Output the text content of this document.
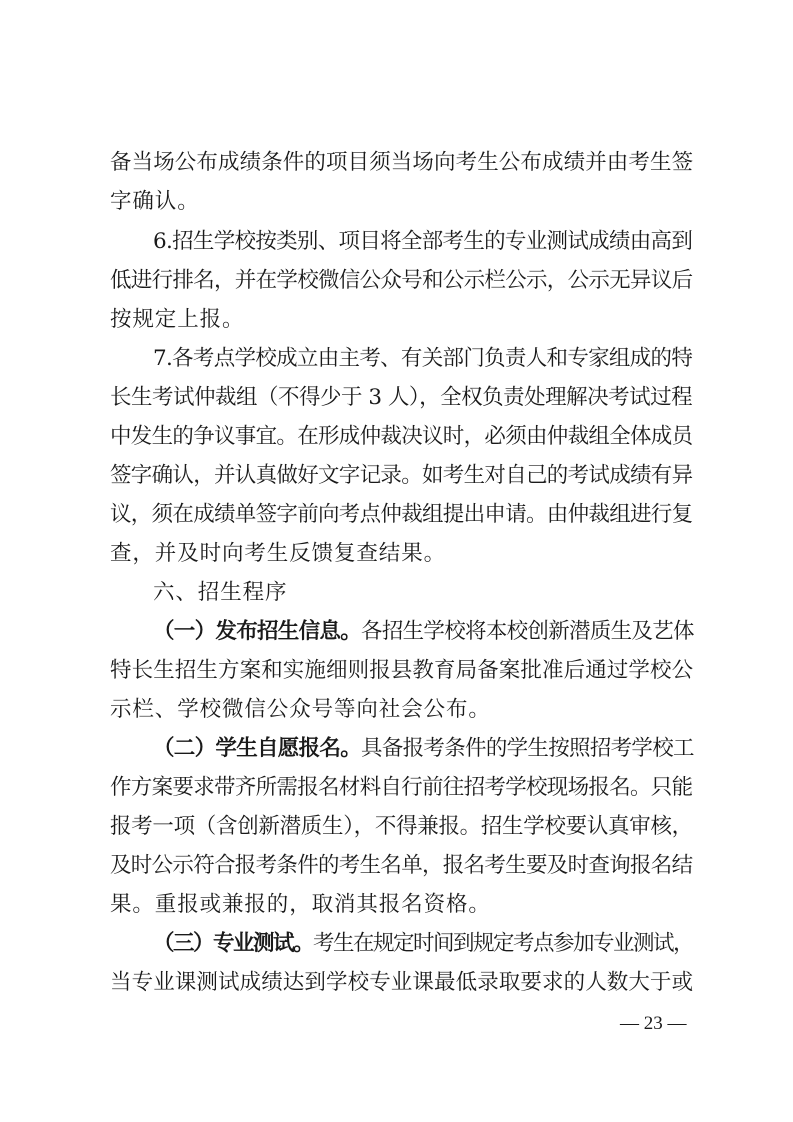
备当场公布成绩条件的项目须当场向考生公布成绩并由考生签
字确认。
6.招生学校按类别、项目将全部考生的专业测试成绩由高到
低进行排名，并在学校微信公众号和公示栏公示，公示无异议后
按规定上报。
7.各考点学校成立由主考、有关部门负责人和专家组成的特
长生考试仲裁组（不得少于 3 人），全权负责处理解决考试过程
中发生的争议事宜。在形成仲裁决议时，必须由仲裁组全体成员
签字确认，并认真做好文字记录。如考生对自己的考试成绩有异
议，须在成绩单签字前向考点仲裁组提出申请。由仲裁组进行复
查，并及时向考生反馈复查结果。
六、招生程序
（一）发布招生信息。各招生学校将本校创新潜质生及艺体
特长生招生方案和实施细则报县教育局备案批准后通过学校公
示栏、学校微信公众号等向社会公布。
（二）学生自愿报名。具备报考条件的学生按照招考学校工
作方案要求带齐所需报名材料自行前往招考学校现场报名。只能
报考一项（含创新潜质生），不得兼报。招生学校要认真审核，
及时公示符合报考条件的考生名单，报名考生要及时查询报名结
果。重报或兼报的，取消其报名资格。
（三）专业测试。考生在规定时间到规定考点参加专业测试，
当专业课测试成绩达到学校专业课最低录取要求的人数大于或
— 23 —
